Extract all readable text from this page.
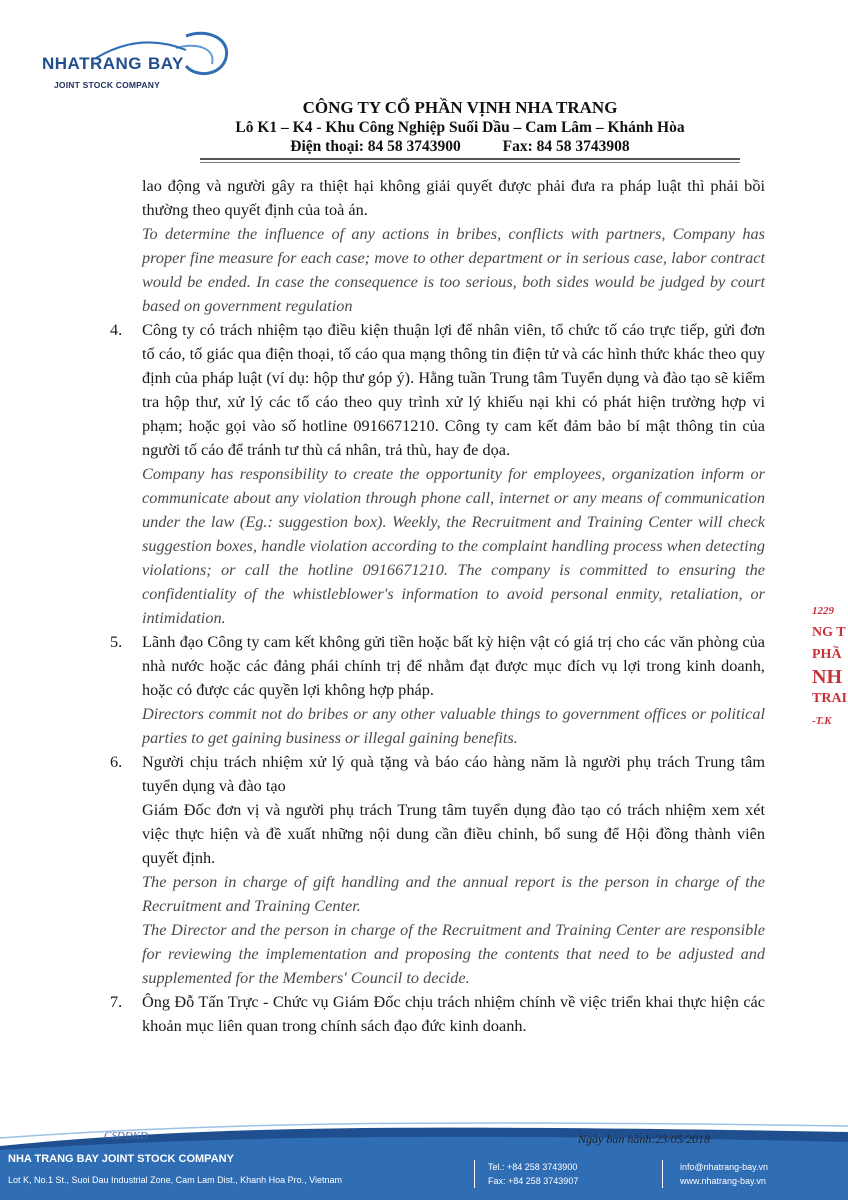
NHATRANG BAY
JOINT STOCK COMPANY
CÔNG TY CỔ PHẦN VỊNH NHA TRANG
Lô K1 – K4 - Khu Công Nghiệp Suối Dầu – Cam Lâm – Khánh Hòa
Điện thoại: 84 58 3743900	Fax: 84 58 3743908

lao động và người gây ra thiệt hại không giải quyết được phải đưa ra pháp luật thì phải bồi thường theo quyết định của toà án.

To determine the influence of any actions in bribes, conflicts with partners, Company has proper fine measure for each case; move to other department or in serious case, labor contract would be ended. In case the consequence is too serious, both sides would be judged by court based on government regulation

4. Công ty có trách nhiệm tạo điều kiện thuận lợi để nhân viên, tổ chức tố cáo trực tiếp, gửi đơn tố cáo, tố giác qua điện thoại, tố cáo qua mạng thông tin điện tử và các hình thức khác theo quy định của pháp luật (ví dụ: hộp thư góp ý). Hằng tuần Trung tâm Tuyển dụng và đào tạo sẽ kiểm tra hộp thư, xử lý các tố cáo theo quy trình xử lý khiếu nại khi có phát hiện trường hợp vi phạm; hoặc gọi vào số hotline 0916671210. Công ty cam kết đảm bảo bí mật thông tin của người tố cáo để tránh tư thù cá nhân, trả thù, hay đe dọa.

Company has responsibility to create the opportunity for employees, organization inform or communicate about any violation through phone call, internet or any means of communication under the law (Eg.: suggestion box). Weekly, the Recruitment and Training Center will check suggestion boxes, handle violation according to the complaint handling process when detecting violations; or call the hotline 0916671210. The company is committed to ensuring the confidentiality of the whistleblower's information to avoid personal enmity, retaliation, or intimidation.

5. Lãnh đạo Công ty cam kết không gửi tiền hoặc bất kỳ hiện vật có giá trị cho các văn phòng của nhà nước hoặc các đảng phái chính trị để nhằm đạt được mục đích vụ lợi trong kinh doanh, hoặc có được các quyền lợi không hợp pháp.

Directors commit not do bribes or any other valuable things to government offices or political parties to get gaining business or illegal gaining benefits.

6. Người chịu trách nhiệm xử lý quà tặng và báo cáo hàng năm là người phụ trách Trung tâm tuyển dụng và đào tạo

Giám Đốc đơn vị và người phụ trách Trung tâm tuyển dụng đào tạo có trách nhiệm xem xét việc thực hiện và đề xuất những nội dung cần điều chỉnh, bổ sung để Hội đồng thành viên quyết định.

The person in charge of gift handling and the annual report is the person in charge of the Recruitment and Training Center.

The Director and the person in charge of the Recruitment and Training Center are responsible for reviewing the implementation and proposing the contents that need to be adjusted and supplemented for the Members' Council to decide.

7. Ông Đỗ Tấn Trực - Chức vụ Giám Đốc chịu trách nhiệm chính về việc triển khai thực hiện các khoản mục liên quan trong chính sách đạo đức kinh doanh.

1229
NG T
PHẦ
NH
TRAI
-T.K
CSDDKD	Ngày ban hành:23/05/2018
NHA TRANG BAY JOINT STOCK COMPANY
Lot K, No.1 St., Suoi Dau Industrial Zone, Cam Lam Dist., Khanh Hoa Pro., Vietnam
Tel.: +84 258 3743900
Fax: +84 258 3743907
info@nhatrang-bay.vn
www.nhatrang-bay.vn
